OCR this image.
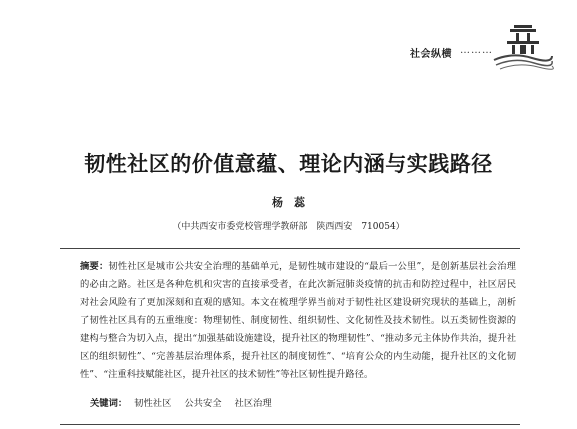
社会纵横 ………
韧性社区的价值意蕴、理论内涵与实践路径
杨　蕊
（中共西安市委党校管理学教研部　陕西西安　710054）
摘要：韧性社区是城市公共安全治理的基础单元，是韧性城市建设的“最后一公里”，是创新基层社会治理的必由之路。社区是各种危机和灾害的直接承受者，在此次新冠肺炎疫情的抗击和防控过程中，社区居民对社会风险有了更加深刻和直观的感知。本文在梳理学界当前对于韧性社区建设研究现状的基础上，剖析了韧性社区具有的五重维度：物理韧性、制度韧性、组织韧性、文化韧性及技术韧性。以五类韧性资源的建构与整合为切入点，提出“加强基础设施建设，提升社区的物理韧性”、“推动多元主体协作共治，提升社区的组织韧性”、“完善基层治理体系，提升社区的制度韧性”、“培育公众的内生动能，提升社区的文化韧性”、“注重科技赋能社区，提升社区的技术韧性”等社区韧性提升路径。
关键词： 韧性社区 公共安全 社区治理
